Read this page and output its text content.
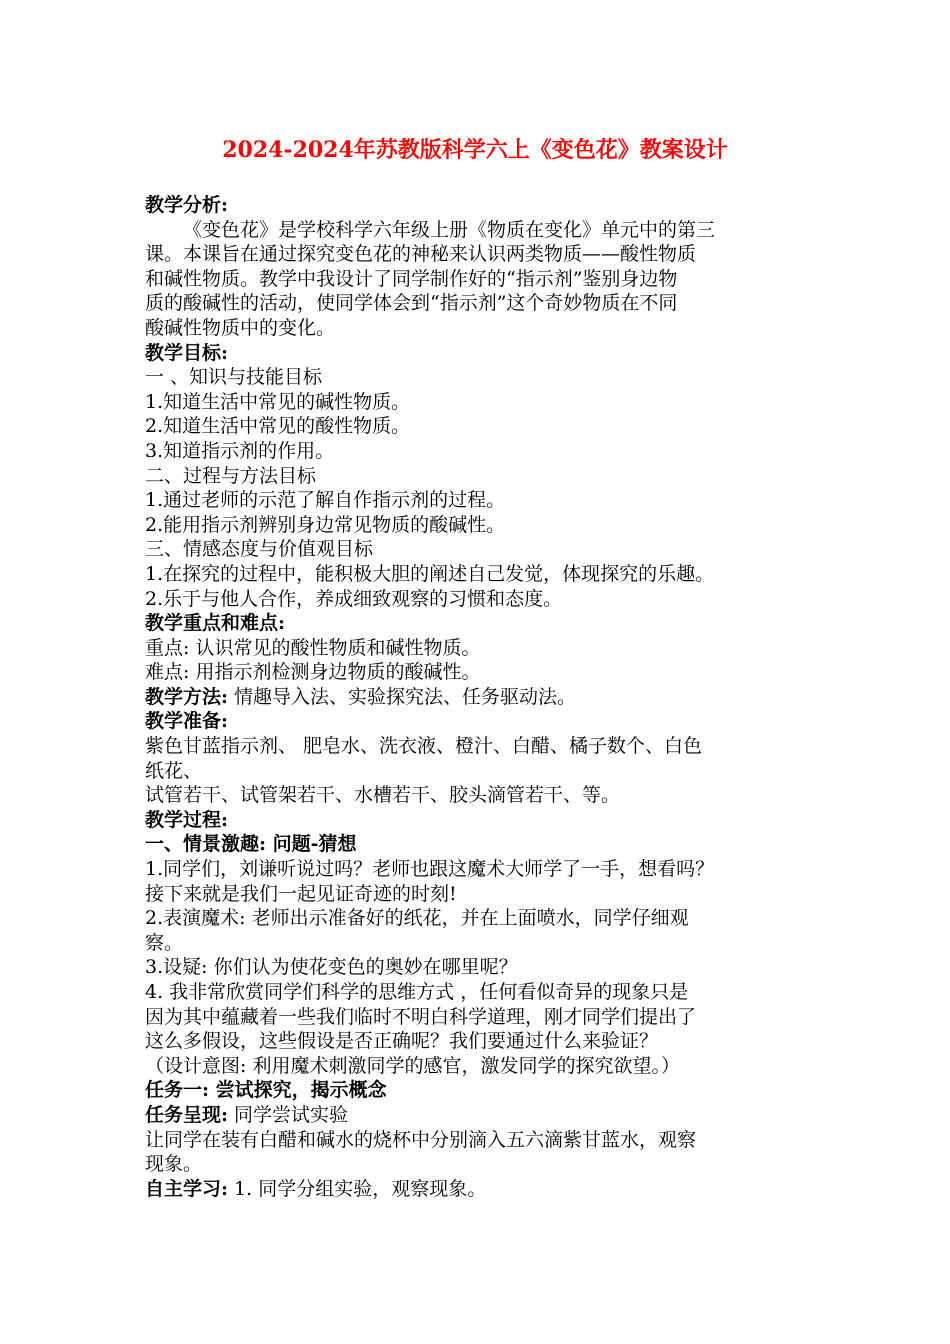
2024-2024年苏教版科学六上《变色花》教案设计
教学分析:
《变色花》是学校科学六年级上册《物质在变化》单元中的第三
课。本课旨在通过探究变色花的神秘来认识两类物质——酸性物质
和碱性物质。教学中我设计了同学制作好的“指示剂”鉴别身边物
质的酸碱性的活动，使同学体会到“指示剂”这个奇妙物质在不同
酸碱性物质中的变化。
教学目标:
一 、知识与技能目标
1.知道生活中常见的碱性物质。
2.知道生活中常见的酸性物质。
3.知道指示剂的作用。
二、过程与方法目标
1.通过老师的示范了解自作指示剂的过程。
2.能用指示剂辨别身边常见物质的酸碱性。
三、情感态度与价值观目标
1.在探究的过程中，能积极大胆的阐述自己发觉，体现探究的乐趣。
2.乐于与他人合作，养成细致观察的习惯和态度。
教学重点和难点:
重点: 认识常见的酸性物质和碱性物质。
难点: 用指示剂检测身边物质的酸碱性。
教学方法: 情趣导入法、实验探究法、任务驱动法。
教学准备:
紫色甘蓝指示剂、 肥皂水、洗衣液、橙汁、白醋、橘子数个、白色
纸花、
试管若干、试管架若干、水槽若干、胶头滴管若干、等。
教学过程:
一、情景激趣: 问题-猜想
1.同学们，刘谦听说过吗？老师也跟这魔术大师学了一手，想看吗？
接下来就是我们一起见证奇迹的时刻!
2.表演魔术: 老师出示准备好的纸花，并在上面喷水，同学仔细观
察。
3.设疑: 你们认为使花变色的奥妙在哪里呢？
4. 我非常欣赏同学们科学的思维方式 ，任何看似奇异的现象只是
因为其中蕴藏着一些我们临时不明白科学道理，刚才同学们提出了
这么多假设，这些假设是否正确呢？我们要通过什么来验证？
（设计意图: 利用魔术刺激同学的感官，激发同学的探究欲望。）
任务一: 尝试探究，揭示概念
任务呈现: 同学尝试实验
让同学在装有白醋和碱水的烧杯中分别滴入五六滴紫甘蓝水，观察
现象。
自主学习: 1. 同学分组实验，观察现象。
